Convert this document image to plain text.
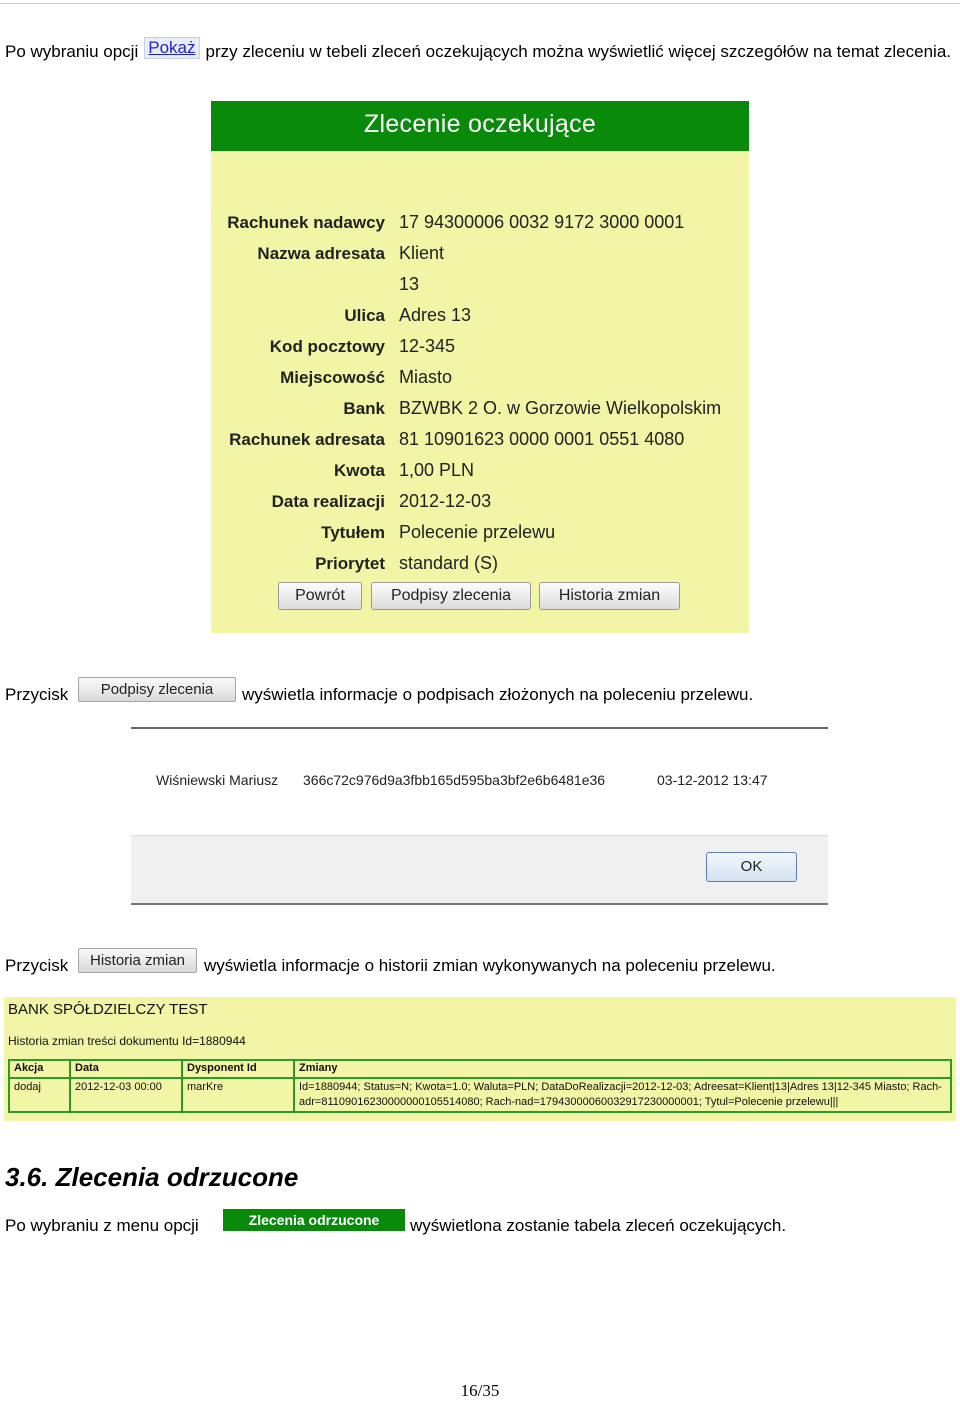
Po wybraniu opcji Pokaż przy zleceniu w tebeli zleceń oczekujących można wyświetlić więcej szczegółów na temat zlecenia.

Zlecenie oczekujące
Rachunek nadawcy 17 94300006 0032 9172 3000 0001
Nazwa adresata Klient
13
Ulica Adres 13
Kod pocztowy 12-345
Miejscowość Miasto
Bank BZWBK 2 O. w Gorzowie Wielkopolskim
Rachunek adresata 81 10901623 0000 0001 0551 4080
Kwota 1,00 PLN
Data realizacji 2012-12-03
Tytułem Polecenie przelewu
Priorytet standard (S)
Powrót	Podpisy zlecenia	Historia zmian
Przycisk	Podpisy zlecenia	wyświetla informacje o podpisach złożonych na poleceniu przelewu.
Wiśniewski Mariusz 366c72c976d9a3fbb165d595ba3bf2e6b6481e36	03-12-2012 13:47
OK
Przycisk	Historia zmian	wyświetla informacje o historii zmian wykonywanych na poleceniu przelewu.
BANK SPÓŁDZIELCZY TEST
Historia zmian treści dokumentu Id=1880944
Akcja	Data	Dysponent Id	Zmiany
dodaj	2012-12-03 00:00	marKre	Id=1880944; Status=N; Kwota=1.0; Waluta=PLN; DataDoRealizacji=2012-12-03; Adreesat=Klient|13|Adres 13|12-345 Miasto; Rach-adr=81109016230000000105514080; Rach-nad=17943000060032917230000001; Tytul=Polecenie przelewu|||
3.6. Zlecenia odrzucone
Po wybraniu z menu opcji	Zlecenia odrzucone	wyświetlona zostanie tabela zleceń oczekujących.
16/35
